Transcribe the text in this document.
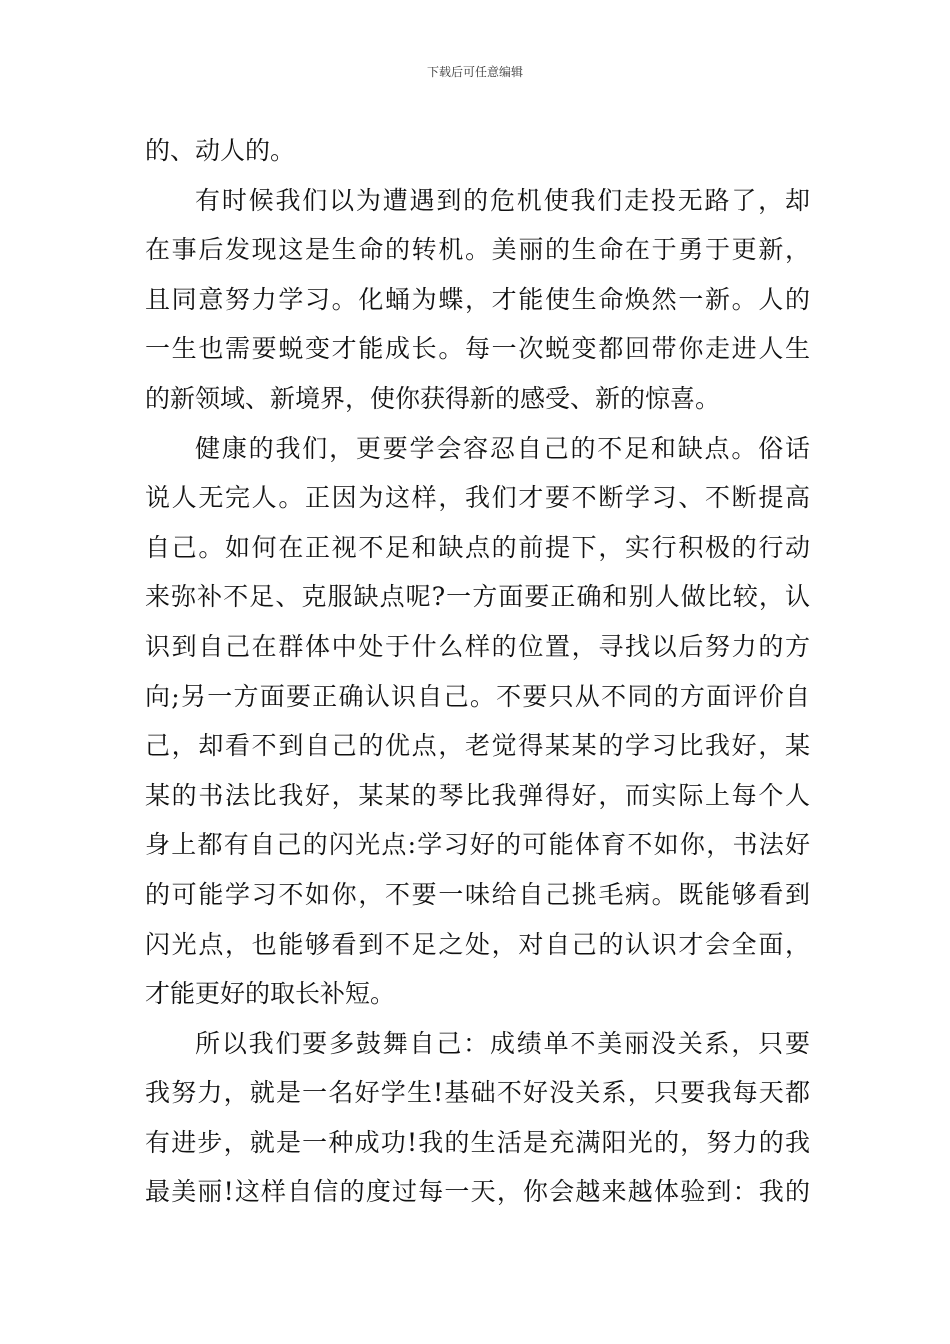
下载后可任意编辑
的、动人的。
有时候我们以为遭遇到的危机使我们走投无路了，却
在事后发现这是生命的转机。美丽的生命在于勇于更新，
且同意努力学习。化蛹为蝶，才能使生命焕然一新。人的
一生也需要蜕变才能成长。每一次蜕变都回带你走进人生
的新领域、新境界，使你获得新的感受、新的惊喜。
健康的我们，更要学会容忍自己的不足和缺点。俗话
说人无完人。正因为这样，我们才要不断学习、不断提高
自己。如何在正视不足和缺点的前提下，实行积极的行动
来弥补不足、克服缺点呢?一方面要正确和别人做比较，认
识到自己在群体中处于什么样的位置，寻找以后努力的方
向;另一方面要正确认识自己。不要只从不同的方面评价自
己，却看不到自己的优点，老觉得某某的学习比我好，某
某的书法比我好，某某的琴比我弹得好，而实际上每个人
身上都有自己的闪光点:学习好的可能体育不如你，书法好
的可能学习不如你，不要一味给自己挑毛病。既能够看到
闪光点，也能够看到不足之处，对自己的认识才会全面，
才能更好的取长补短。
所以我们要多鼓舞自己：成绩单不美丽没关系，只要
我努力，就是一名好学生!基础不好没关系，只要我每天都
有进步，就是一种成功!我的生活是充满阳光的，努力的我
最美丽!这样自信的度过每一天，你会越来越体验到：我的
